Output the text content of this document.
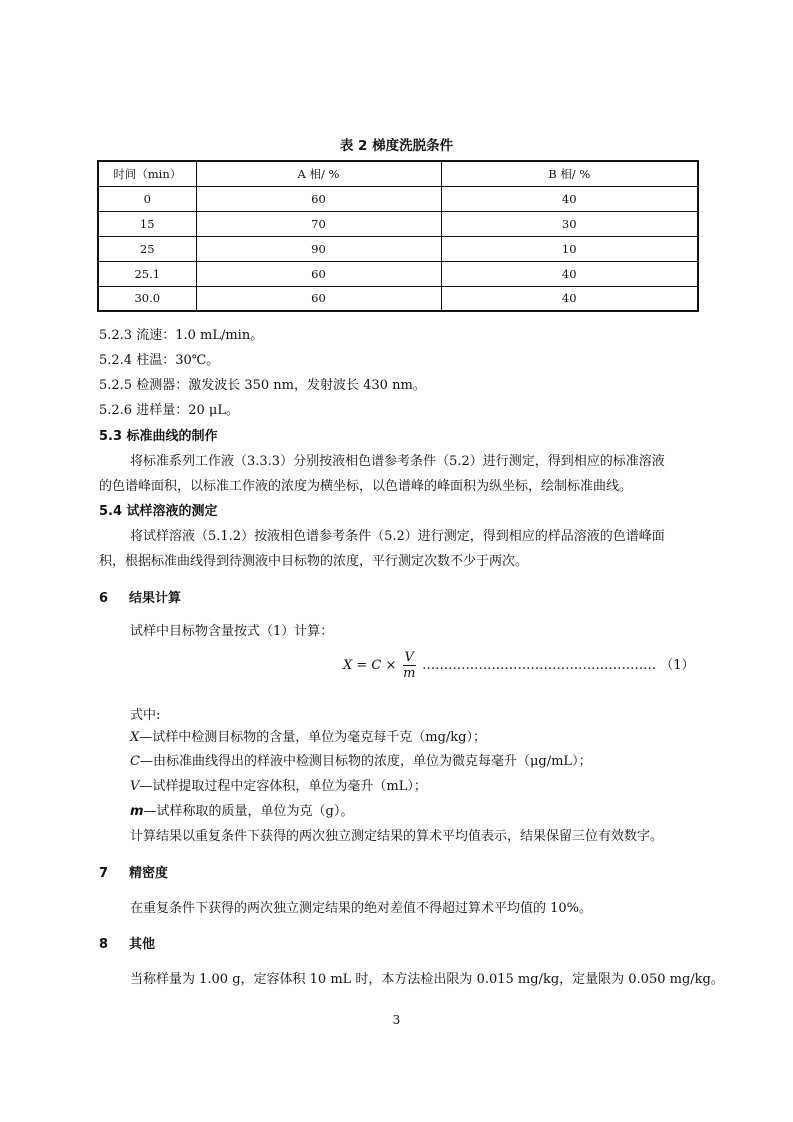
表 2 梯度洗脱条件
时间（min）	A 相/ %	B 相/ %
0	60	40
15	70	30
25	90	10
25.1	60	40
30.0	60	40
5.2.3 流速：1.0 mL/min。
5.2.4 柱温：30℃。
5.2.5 检测器：激发波长 350 nm，发射波长 430 nm。
5.2.6 进样量：20 μL。
5.3 标准曲线的制作
将标准系列工作液（3.3.3）分别按液相色谱参考条件（5.2）进行测定，得到相应的标准溶液
的色谱峰面积，以标准工作液的浓度为横坐标，以色谱峰的峰面积为纵坐标，绘制标准曲线。
5.4 试样溶液的测定
将试样溶液（5.1.2）按液相色谱参考条件（5.2）进行测定，得到相应的样品溶液的色谱峰面
积，根据标准曲线得到待测液中目标物的浓度，平行测定次数不少于两次。
6 结果计算
试样中目标物含量按式（1）计算：
$X = C \times \frac{V}{m}$ ……………………………………………… （1）
式中:
X—试样中检测目标物的含量，单位为毫克每千克（mg/kg）；
C—由标准曲线得出的样液中检测目标物的浓度，单位为微克每毫升（μg/mL）；
V—试样提取过程中定容体积，单位为毫升（mL）；
m—试样称取的质量，单位为克（g）。
计算结果以重复条件下获得的两次独立测定结果的算术平均值表示，结果保留三位有效数字。
7 精密度
在重复条件下获得的两次独立测定结果的绝对差值不得超过算术平均值的 10%。
8 其他
当称样量为 1.00 g，定容体积 10 mL 时，本方法检出限为 0.015 mg/kg，定量限为 0.050 mg/kg。
3
